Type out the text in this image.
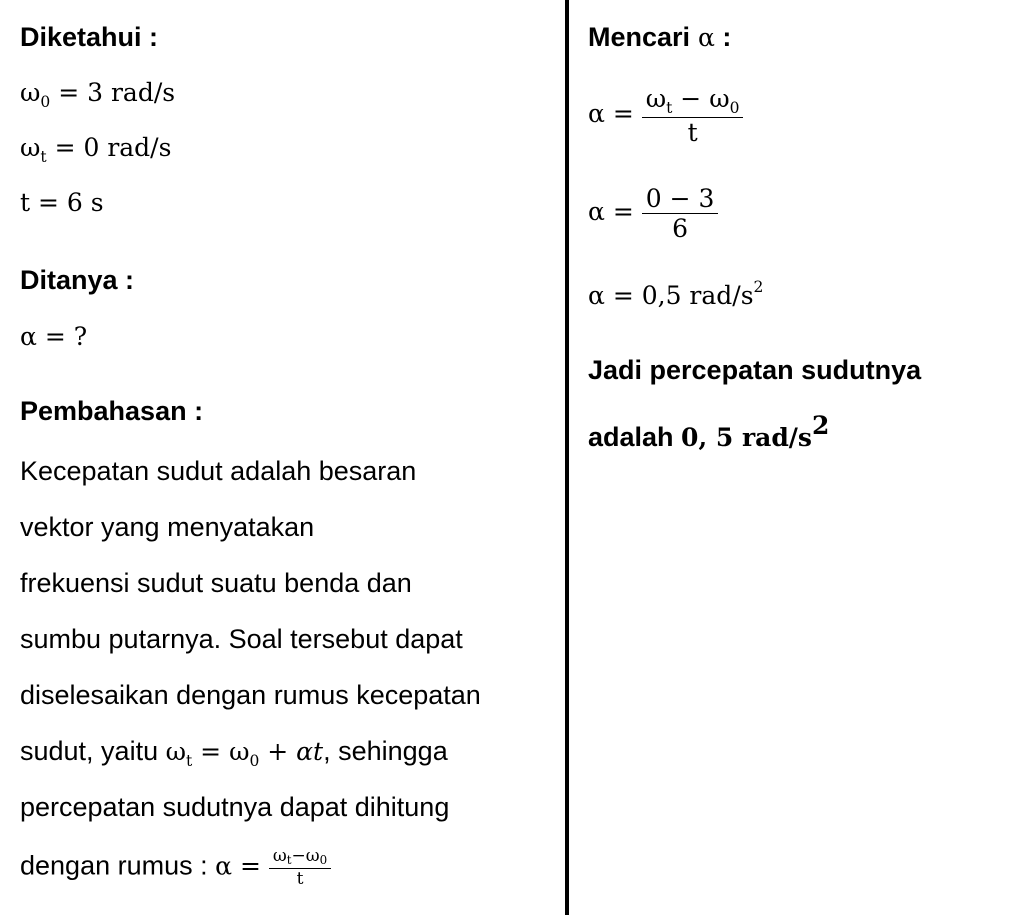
Diketahui :
$\omega_0 = 3$ rad/s
$\omega_t = 0$ rad/s
t = 6 s
Ditanya :
α = ?
Pembahasan :
Kecepatan sudut adalah besaran
vektor yang menyatakan
frekuensi sudut suatu benda dan
sumbu putarnya. Soal tersebut dapat
diselesaikan dengan rumus kecepatan
sudut, yaitu $\omega_t = \omega_0 + \alpha t$, sehingga
percepatan sudutnya dapat dihitung
dengan rumus : $\alpha = \frac{\omega_t-\omega_0}{t}$
Mencari α :
$\alpha = \frac{\omega_t - \omega_0}{t}$
$\alpha = \frac{0 - 3}{6}$
α = 0,5 rad/$s^2$
Jadi percepatan sudutnya
adalah 0, 5 rad/$s^2$
